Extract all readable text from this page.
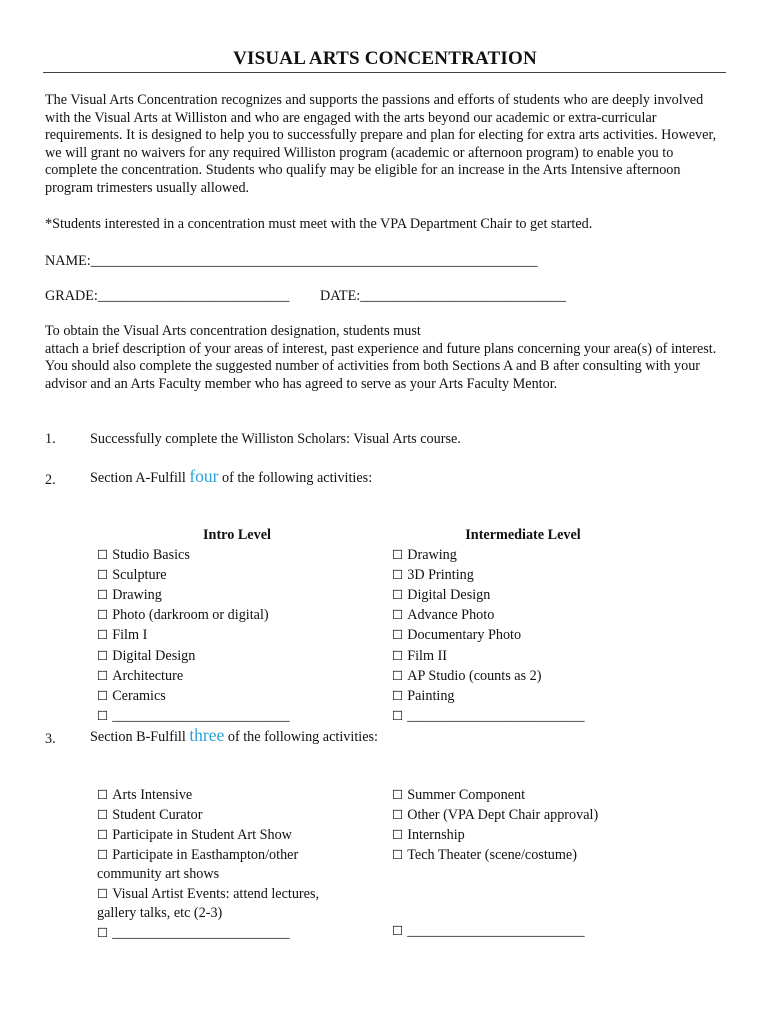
VISUAL ARTS CONCENTRATION
The Visual Arts Concentration recognizes and supports the passions and efforts of students who are deeply involved with the Visual Arts at Williston and who are engaged with the arts beyond our academic or extra-curricular requirements. It is designed to help you to successfully prepare and plan for electing for extra arts activities. However, we will grant no waivers for any required Williston program (academic or afternoon program) to enable you to complete the concentration. Students who qualify may be eligible for an increase in the Arts Intensive afternoon program trimesters usually allowed.
*Students interested in a concentration must meet with the VPA Department Chair to get started.
NAME:_______________________________________________________________
GRADE:___________________________ DATE:_____________________________
To obtain the Visual Arts concentration designation, students must
attach a brief description of your areas of interest, past experience and future plans concerning your area(s) of interest. You should also complete the suggested number of activities from both Sections A and B after consulting with your advisor and an Arts Faculty member who has agreed to serve as your Arts Faculty Mentor.
1. Successfully complete the Williston Scholars: Visual Arts course.
2. Section A-Fulfill four of the following activities:
Intro Level
☐ Studio Basics
☐ Sculpture
☐ Drawing
☐ Photo (darkroom or digital)
☐ Film I
☐ Digital Design
☐ Architecture
☐ Ceramics
☐ _________________________
Intermediate Level
☐ Drawing
☐ 3D Printing
☐ Digital Design
☐ Advance Photo
☐ Documentary Photo
☐ Film II
☐ AP Studio (counts as 2)
☐ Painting
☐ _________________________
3. Section B-Fulfill three of the following activities:
☐ Arts Intensive
☐ Student Curator
☐ Participate in Student Art Show
☐ Participate in Easthampton/other community art shows
☐ Visual Artist Events: attend lectures, gallery talks, etc (2-3)
☐ _________________________
☐ Summer Component
☐ Other (VPA Dept Chair approval)
☐ Internship
☐ Tech Theater (scene/costume)
☐ _________________________
